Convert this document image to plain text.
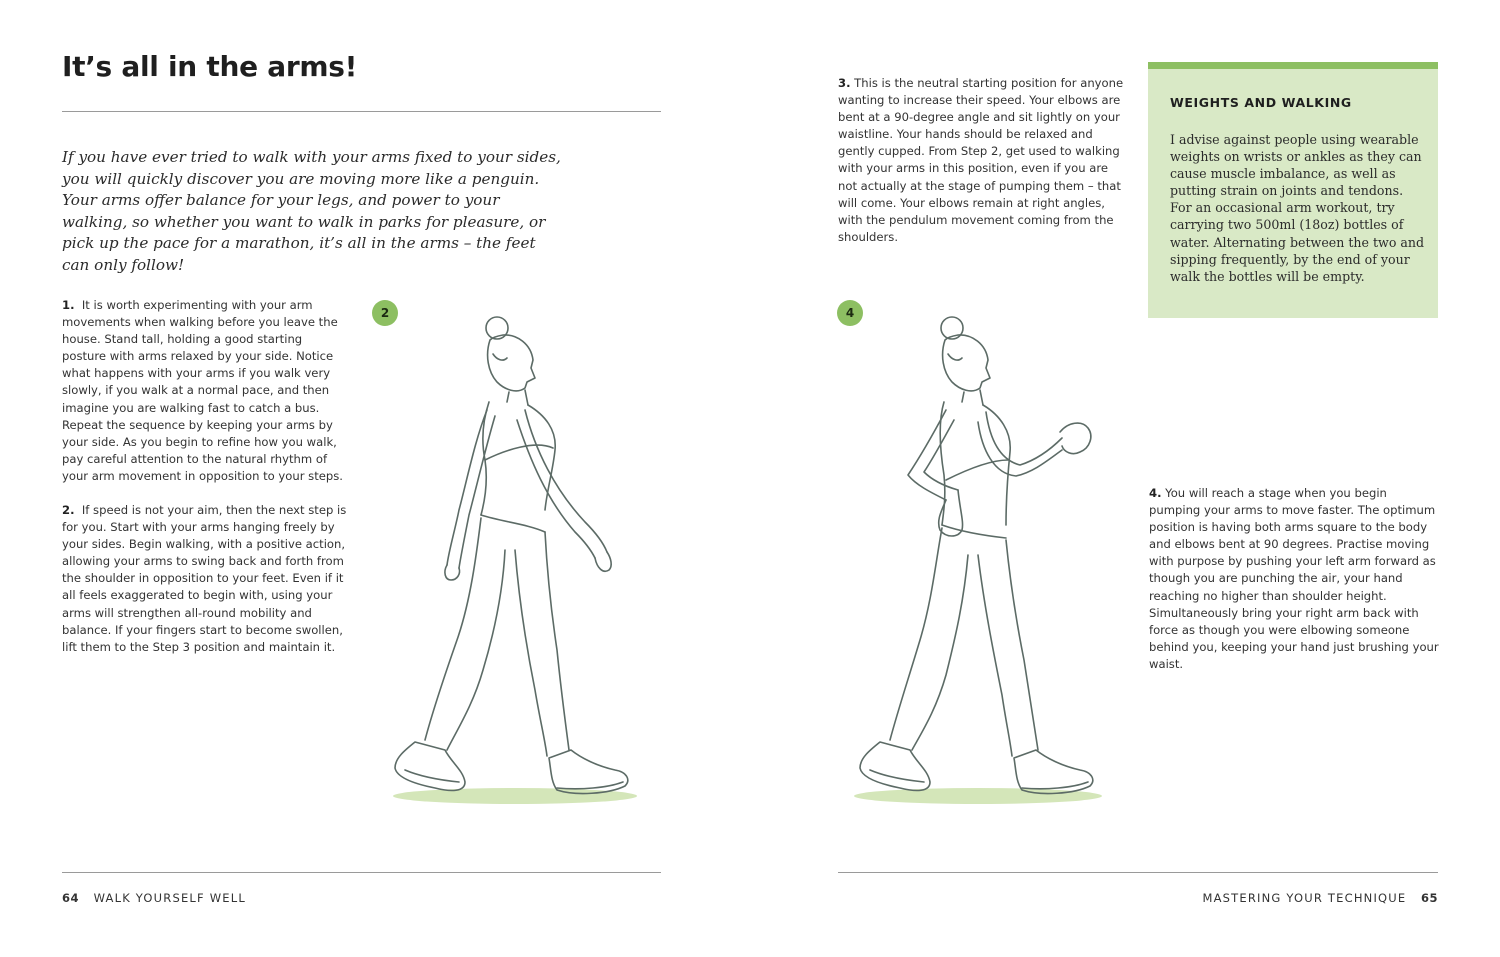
It’s all in the arms!

If you have ever tried to walk with your arms fixed to your sides, you will quickly discover you are moving more like a penguin. Your arms offer balance for your legs, and power to your walking, so whether you want to walk in parks for pleasure, or pick up the pace for a marathon, it’s all in the arms – the feet can only follow!

1. It is worth experimenting with your arm movements when walking before you leave the house. Stand tall, holding a good starting posture with arms relaxed by your side. Notice what happens with your arms if you walk very slowly, if you walk at a normal pace, and then imagine you are walking fast to catch a bus. Repeat the sequence by keeping your arms by your side. As you begin to refine how you walk, pay careful attention to the natural rhythm of your arm movement in opposition to your steps.

2. If speed is not your aim, then the next step is for you. Start with your arms hanging freely by your sides. Begin walking, with a positive action, allowing your arms to swing back and forth from the shoulder in opposition to your feet. Even if it all feels exaggerated to begin with, using your arms will strengthen all-round mobility and balance. If your fingers start to become swollen, lift them to the Step 3 position and maintain it.

2
64 WALK YOURSELF WELL

3. This is the neutral starting position for anyone wanting to increase their speed. Your elbows are bent at a 90-degree angle and sit lightly on your waistline. Your hands should be relaxed and gently cupped. From Step 2, get used to walking with your arms in this position, even if you are not actually at the stage of pumping them – that will come. Your elbows remain at right angles, with the pendulum movement coming from the shoulders.

WEIGHTS AND WALKING

I advise against people using wearable weights on wrists or ankles as they can cause muscle imbalance, as well as putting strain on joints and tendons. For an occasional arm workout, try carrying two 500ml (18oz) bottles of water. Alternating between the two and sipping frequently, by the end of your walk the bottles will be empty.

4

4. You will reach a stage when you begin pumping your arms to move faster. The optimum position is having both arms square to the body and elbows bent at 90 degrees. Practise moving with purpose by pushing your left arm forward as though you are punching the air, your hand reaching no higher than shoulder height. Simultaneously bring your right arm back with force as though you were elbowing someone behind you, keeping your hand just brushing your waist.

MASTERING YOUR TECHNIQUE 65
